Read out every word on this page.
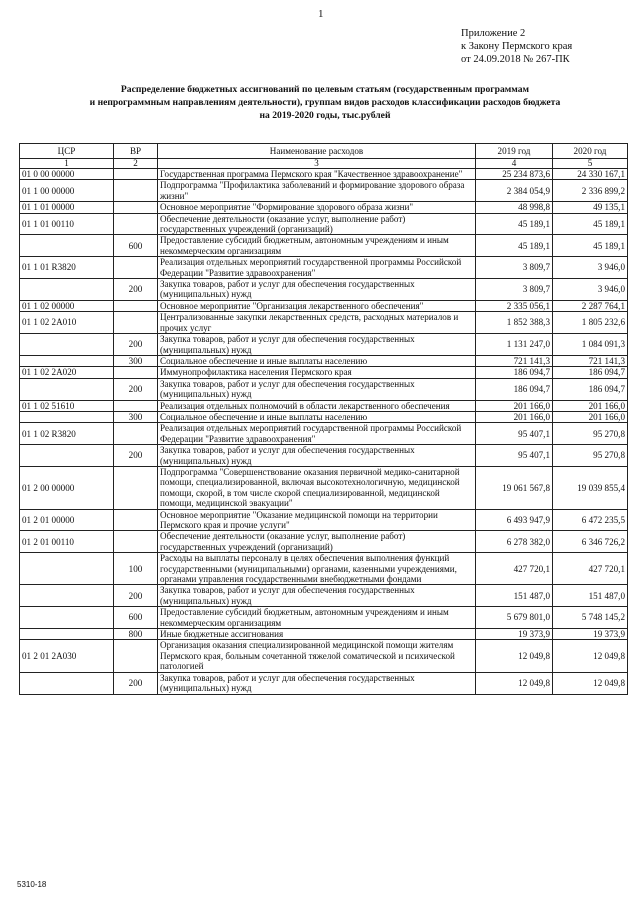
1
Приложение 2
к Закону Пермского края
от 24.09.2018 № 267-ПК
Распределение бюджетных ассигнований по целевым статьям (государственным программам
и непрограммным направлениям деятельности), группам видов расходов классификации расходов бюджета
на 2019-2020 годы, тыс.рублей
ЦСР	ВР	Наименование расходов	2019 год	2020 год
1	2	3	4	5
01 0 00 00000		Государственная программа Пермского края "Качественное здравоохранение"	25 234 873,6	24 330 167,1
01 1 00 00000		Подпрограмма "Профилактика заболеваний и формирование здорового образа жизни"	2 384 054,9	2 336 899,2
01 1 01 00000		Основное мероприятие "Формирование здорового образа жизни"	48 998,8	49 135,1
01 1 01 00110		Обеспечение деятельности (оказание услуг, выполнение работ) государственных учреждений (организаций)	45 189,1	45 189,1
	600	Предоставление субсидий бюджетным, автономным учреждениям и иным некоммерческим организациям	45 189,1	45 189,1
01 1 01 R3820		Реализация отдельных мероприятий государственной программы Российской Федерации "Развитие здравоохранения"	3 809,7	3 946,0
	200	Закупка товаров, работ и услуг для обеспечения государственных (муниципальных) нужд	3 809,7	3 946,0
01 1 02 00000		Основное мероприятие "Организация лекарственного обеспечения"	2 335 056,1	2 287 764,1
01 1 02 2А010		Централизованные закупки лекарственных средств, расходных материалов и прочих услуг	1 852 388,3	1 805 232,6
	200	Закупка товаров, работ и услуг для обеспечения государственных (муниципальных) нужд	1 131 247,0	1 084 091,3
	300	Социальное обеспечение и иные выплаты населению	721 141,3	721 141,3
01 1 02 2А020		Иммунопрофилактика населения Пермского края	186 094,7	186 094,7
	200	Закупка товаров, работ и услуг для обеспечения государственных (муниципальных) нужд	186 094,7	186 094,7
01 1 02 51610		Реализация отдельных полномочий в области лекарственного обеспечения	201 166,0	201 166,0
	300	Социальное обеспечение и иные выплаты населению	201 166,0	201 166,0
01 1 02 R3820		Реализация отдельных мероприятий государственной программы Российской Федерации "Развитие здравоохранения"	95 407,1	95 270,8
	200	Закупка товаров, работ и услуг для обеспечения государственных (муниципальных) нужд	95 407,1	95 270,8
01 2 00 00000		Подпрограмма "Совершенствование оказания первичной медико-санитарной помощи, специализированной, включая высокотехнологичную, медицинской помощи, скорой, в том числе скорой специализированной, медицинской помощи, медицинской эвакуации"	19 061 567,8	19 039 855,4
01 2 01 00000		Основное мероприятие "Оказание медицинской помощи на территории Пермского края и прочие услуги"	6 493 947,9	6 472 235,5
01 2 01 00110		Обеспечение деятельности (оказание услуг, выполнение работ) государственных учреждений (организаций)	6 278 382,0	6 346 726,2
	100	Расходы на выплаты персоналу в целях обеспечения выполнения функций государственными (муниципальными) органами, казенными учреждениями, органами управления государственными внебюджетными фондами	427 720,1	427 720,1
	200	Закупка товаров, работ и услуг для обеспечения государственных (муниципальных) нужд	151 487,0	151 487,0
	600	Предоставление субсидий бюджетным, автономным учреждениям и иным некоммерческим организациям	5 679 801,0	5 748 145,2
	800	Иные бюджетные ассигнования	19 373,9	19 373,9
01 2 01 2А030		Организация оказания специализированной медицинской помощи жителям Пермского края, больным сочетанной тяжелой соматической и психической патологией	12 049,8	12 049,8
	200	Закупка товаров, работ и услуг для обеспечения государственных (муниципальных) нужд	12 049,8	12 049,8
5310-18
